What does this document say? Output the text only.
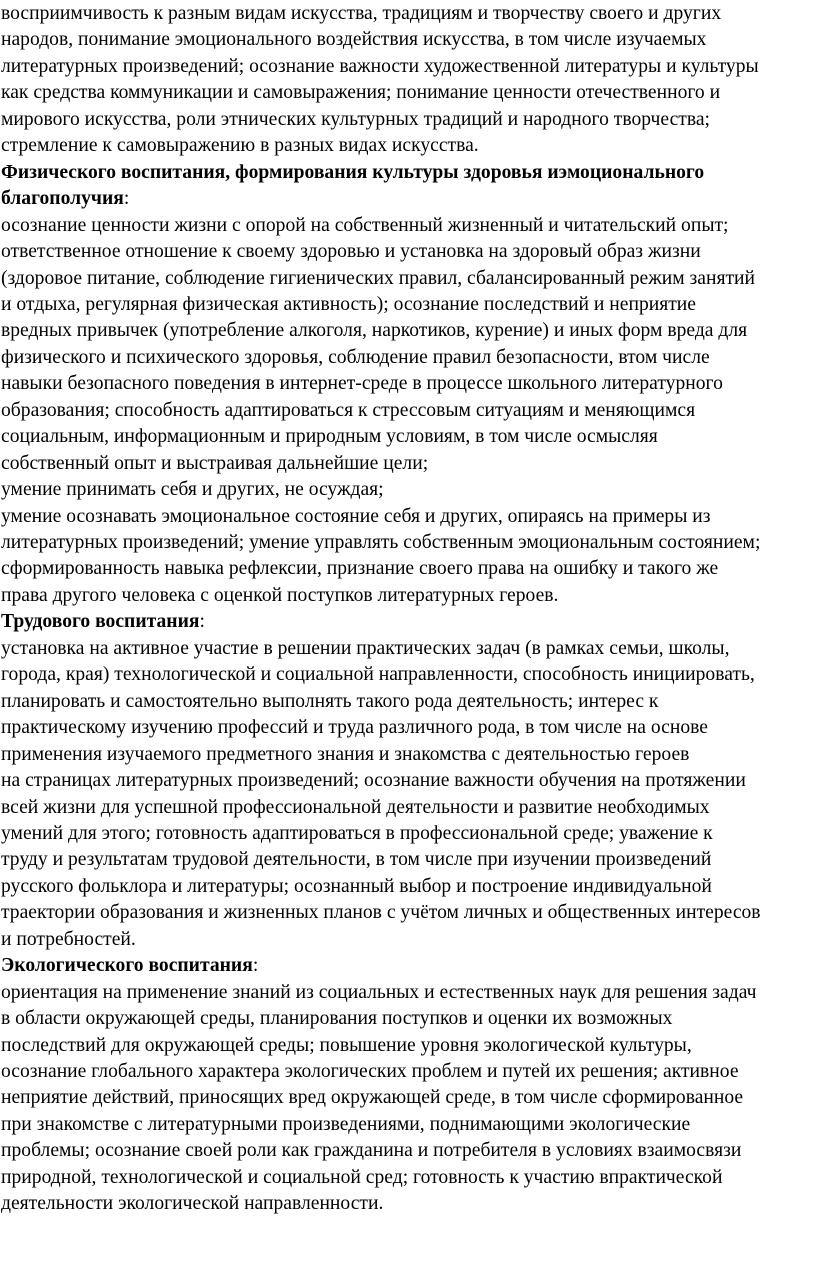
восприимчивость к разным видам искусства, традициям и творчеству своего и других
народов, понимание эмоционального воздействия искусства, в том числе изучаемых
литературных произведений; осознание важности художественной литературы и культуры
как средства коммуникации и самовыражения; понимание ценности отечественного и
мирового искусства, роли этнических культурных традиций и народного творчества;
стремление к самовыражению в разных видах искусства.
Физического воспитания, формирования культуры здоровья иэмоционального
благополучия:
осознание ценности жизни с опорой на собственный жизненный и читательский опыт;
ответственное отношение к своему здоровью и установка на здоровый образ жизни
(здоровое питание, соблюдение гигиенических правил, сбалансированный режим занятий
и отдыха, регулярная физическая активность); осознание последствий и неприятие
вредных привычек (употребление алкоголя, наркотиков, курение) и иных форм вреда для
физического и психического здоровья, соблюдение правил безопасности, втом числе
навыки безопасного поведения в интернет-среде в процессе школьного литературного
образования; способность адаптироваться к стрессовым ситуациям и меняющимся
социальным, информационным и природным условиям, в том числе осмысляя
собственный опыт и выстраивая дальнейшие цели;
умение принимать себя и других, не осуждая;
умение осознавать эмоциональное состояние себя и других, опираясь на примеры из
литературных произведений; умение управлять собственным эмоциональным состоянием;
сформированность навыка рефлексии, признание своего права на ошибку и такого же
права другого человека с оценкой поступков литературных героев.
Трудового воспитания:
установка на активное участие в решении практических задач (в рамках семьи, школы,
города, края) технологической и социальной направленности, способность инициировать,
планировать и самостоятельно выполнять такого рода деятельность; интерес к
практическому изучению профессий и труда различного рода, в том числе на основе
применения изучаемого предметного знания и знакомства с деятельностью героев
на страницах литературных произведений; осознание важности обучения на протяжении
всей жизни для успешной профессиональной деятельности и развитие необходимых
умений для этого; готовность адаптироваться в профессиональной среде; уважение к
труду и результатам трудовой деятельности, в том числе при изучении произведений
русского фольклора и литературы; осознанный выбор и построение индивидуальной
траектории образования и жизненных планов с учётом личных и общественных интересов
и потребностей.
Экологического воспитания:
ориентация на применение знаний из социальных и естественных наук для решения задач
в области окружающей среды, планирования поступков и оценки их возможных
последствий для окружающей среды; повышение уровня экологической культуры,
осознание глобального характера экологических проблем и путей их решения; активное
неприятие действий, приносящих вред окружающей среде, в том числе сформированное
при знакомстве с литературными произведениями, поднимающими экологические
проблемы; осознание своей роли как гражданина и потребителя в условиях взаимосвязи
природной, технологической и социальной сред; готовность к участию впрактической
деятельности экологической направленности.
